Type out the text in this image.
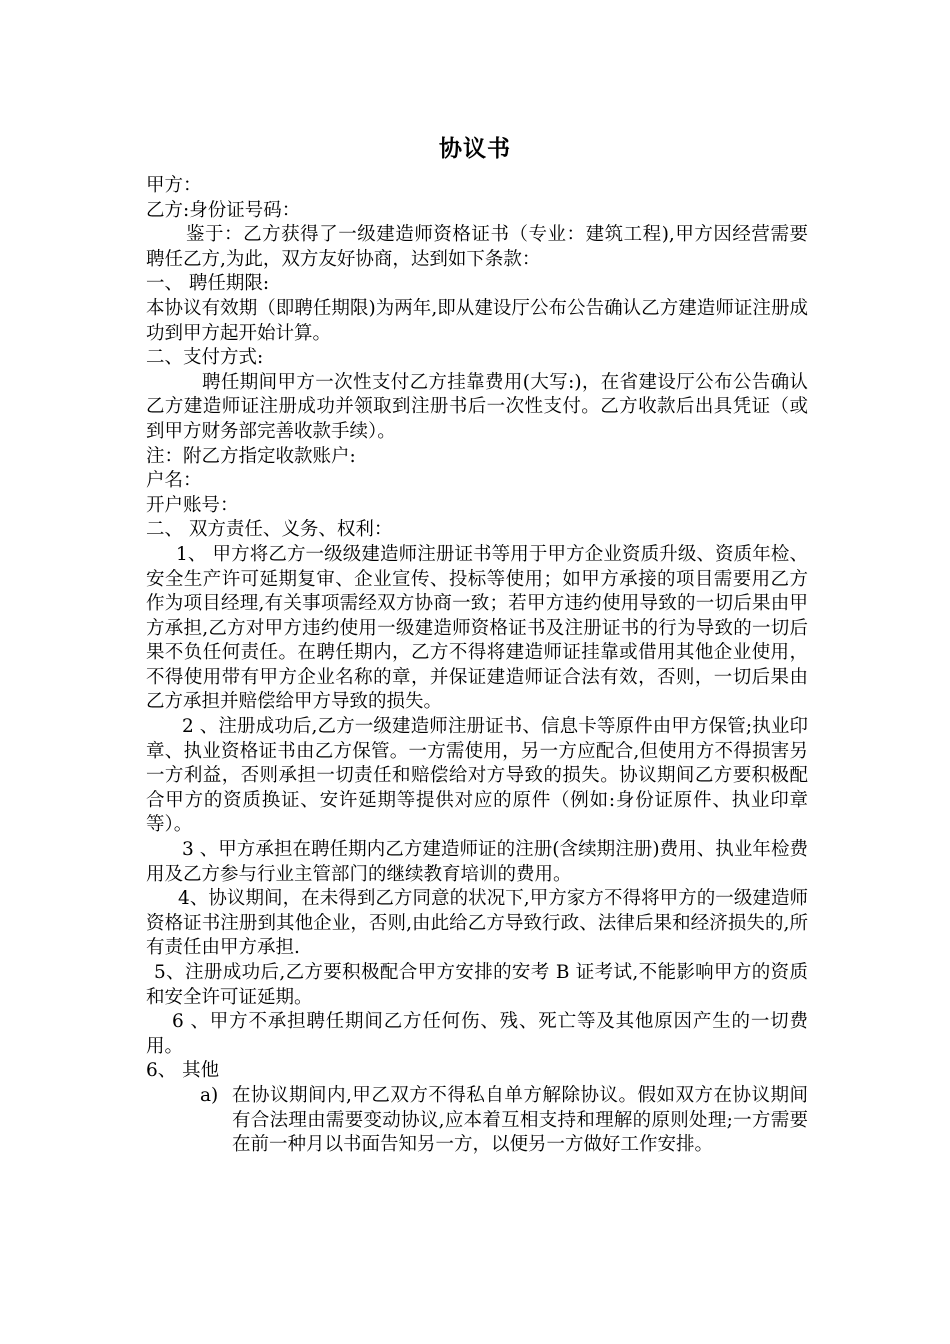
协议书

甲方：

乙方:身份证号码：

鉴于：乙方获得了一级建造师资格证书（专业：建筑工程),甲方因经营需要聘任乙方,为此，双方友好协商，达到如下条款：

一、 聘任期限:

本协议有效期（即聘任期限)为两年,即从建设厅公布公告确认乙方建造师证注册成功到甲方起开始计算。

二、支付方式:

聘任期间甲方一次性支付乙方挂靠费用(大写:)，在省建设厅公布公告确认乙方建造师证注册成功并领取到注册书后一次性支付。乙方收款后出具凭证（或到甲方财务部完善收款手续）。

注：附乙方指定收款账户:

户名：

开户账号：

二、 双方责任、义务、权利：

1、 甲方将乙方一级级建造师注册证书等用于甲方企业资质升级、资质年检、安全生产许可延期复审、企业宣传、投标等使用；如甲方承接的项目需要用乙方作为项目经理,有关事项需经双方协商一致；若甲方违约使用导致的一切后果由甲方承担,乙方对甲方违约使用一级建造师资格证书及注册证书的行为导致的一切后果不负任何责任。在聘任期内，乙方不得将建造师证挂靠或借用其他企业使用，不得使用带有甲方企业名称的章，并保证建造师证合法有效，否则，一切后果由乙方承担并赔偿给甲方导致的损失。

2 、注册成功后,乙方一级建造师注册证书、信息卡等原件由甲方保管;执业印章、执业资格证书由乙方保管。一方需使用，另一方应配合,但使用方不得损害另一方利益，否则承担一切责任和赔偿给对方导致的损失。协议期间乙方要积极配合甲方的资质换证、安许延期等提供对应的原件（例如:身份证原件、执业印章等）。

3 、甲方承担在聘任期内乙方建造师证的注册(含续期注册)费用、执业年检费用及乙方参与行业主管部门的继续教育培训的费用。

4、协议期间，在未得到乙方同意的状况下,甲方家方不得将甲方的一级建造师资格证书注册到其他企业，否则,由此给乙方导致行政、法律后果和经济损失的,所有责任由甲方承担.

5、注册成功后,乙方要积极配合甲方安排的安考 B 证考试,不能影响甲方的资质和安全许可证延期。

6 、甲方不承担聘任期间乙方任何伤、残、死亡等及其他原因产生的一切费用。

6、 其他

a) 在协议期间内,甲乙双方不得私自单方解除协议。假如双方在协议期间有合法理由需要变动协议,应本着互相支持和理解的原则处理;一方需要在前一种月以书面告知另一方，以便另一方做好工作安排。
